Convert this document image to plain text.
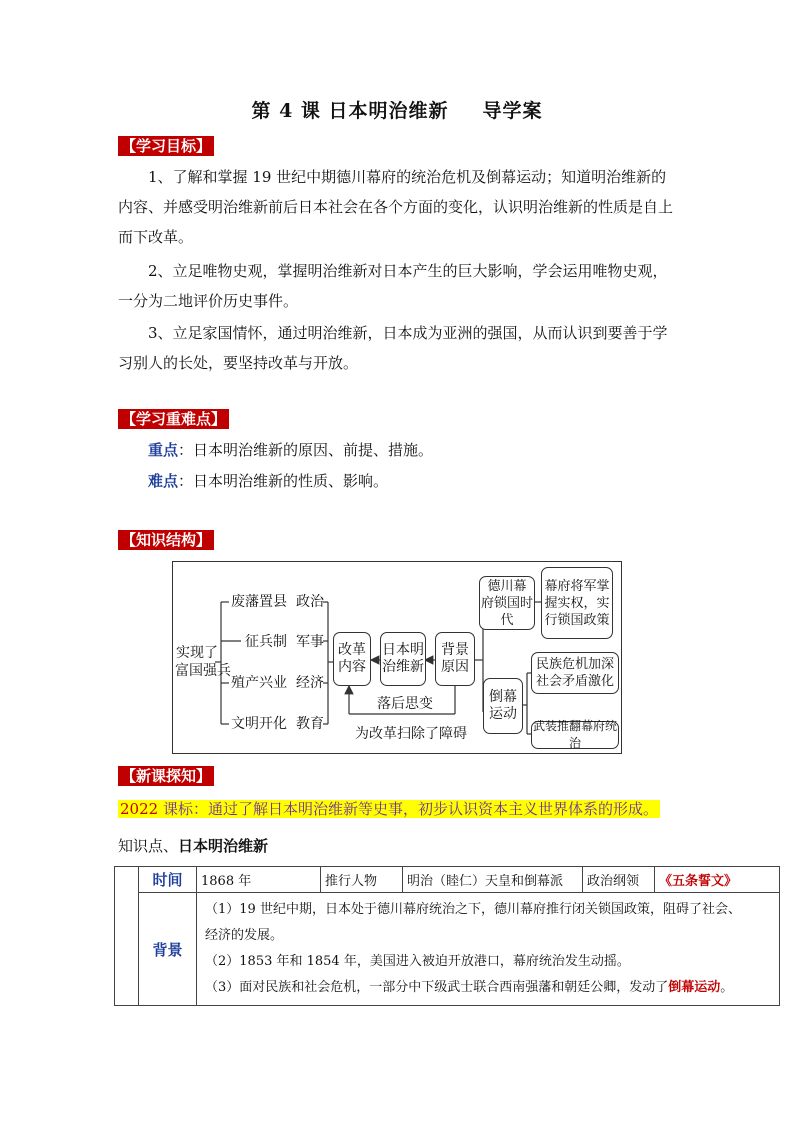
第 4 课 日本明治维新 导学案
【学习目标】
1、了解和掌握 19 世纪中期德川幕府的统治危机及倒幕运动；知道明治维新的内容、并感受明治维新前后日本社会在各个方面的变化，认识明治维新的性质是自上而下改革。
2、立足唯物史观，掌握明治维新对日本产生的巨大影响，学会运用唯物史观，一分为二地评价历史事件。
3、立足家国情怀，通过明治维新，日本成为亚洲的强国，从而认识到要善于学习别人的长处，要坚持改革与开放。
【学习重难点】
重点：日本明治维新的原因、前提、措施。
难点：日本明治维新的性质、影响。
【知识结构】
实现了
富国强兵
废藩置县
征兵制
殖产兴业
文明开化
政治
军事
经济
教育
改革
内容
日本明
治维新
背景
原因
德川幕
府锁国时代
幕府将军掌
握实权，实
行锁国政策
倒幕
运动
民族危机加深
社会矛盾激化
武装推翻幕府统治
落后思变
为改革扫除了障碍
【新课探知】
2022 课标：通过了解日本明治维新等史事，初步认识资本主义世界体系的形成。
知识点、日本明治维新
	时间	1868 年	推行人物	明治（睦仁）天皇和倒幕派	政治纲领	《五条誓文》
	背景	（1）19 世纪中期，日本处于德川幕府统治之下，德川幕府推行闭关锁国政策，阻碍了社会、
经济的发展。
（2）1853 年和 1854 年，美国进入被迫开放港口，幕府统治发生动摇。
（3）面对民族和社会危机，一部分中下级武士联合西南强藩和朝廷公卿，发动了倒幕运动。				
